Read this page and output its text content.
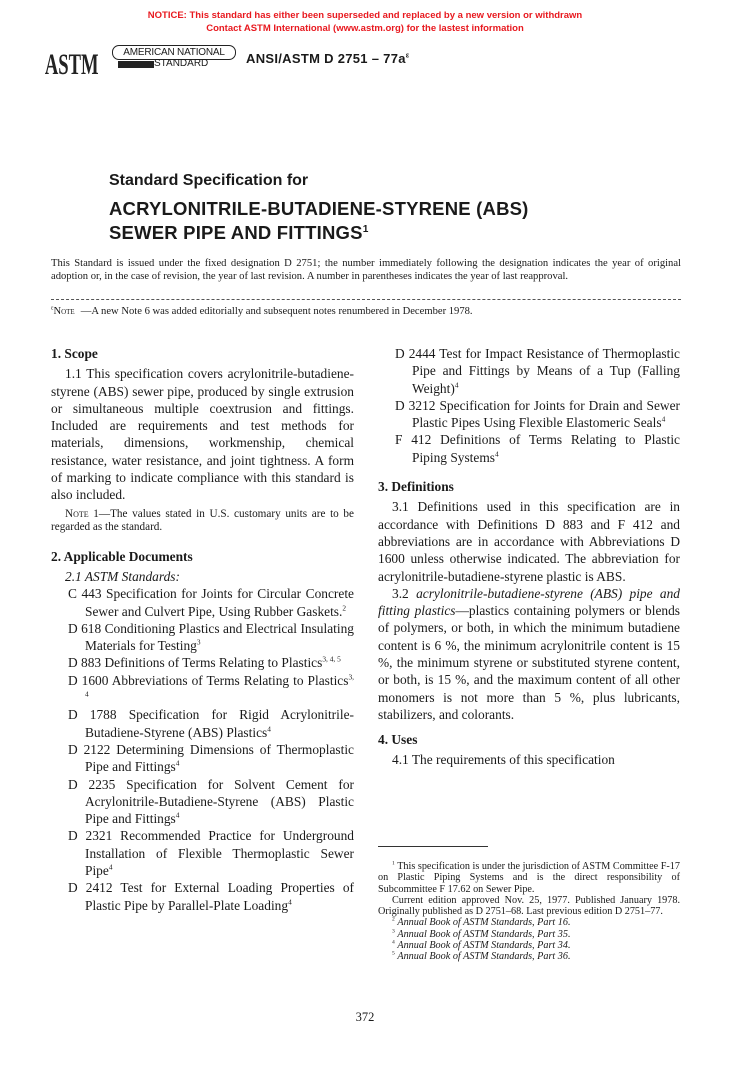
NOTICE: This standard has either been superseded and replaced by a new version or withdrawn
Contact ASTM International (www.astm.org) for the lastest information
ASTM	AMERICAN NATIONAL
STANDARD	ANSI/ASTM D $2751 - 77a^\varepsilon$
Standard Specification for
ACRYLONITRILE-BUTADIENE-STYRENE (ABS)
SEWER PIPE AND FITTINGS$^1$
This Standard is issued under the fixed designation D 2751; the number immediately following the designation indicates the year of original adoption or, in the case of revision, the year of last revision. A number in parentheses indicates the year of last reapproval.
$^\varepsilon$Note —A new Note 6 was added editorially and subsequent notes renumbered in December 1978.

1. Scope

1.1 This specification covers acrylonitrile-butadiene-styrene (ABS) sewer pipe, produced by single extrusion or simultaneous multiple coextrusion and fittings. Included are requirements and test methods for materials, dimensions, workmenship, chemical resistance, water resistance, and joint tightness. A form of marking to indicate compliance with this standard is also included.

Note 1—The values stated in U.S. customary units are to be regarded as the standard.

2. Applicable Documents

2.1 ASTM Standards:

C 443 Specification for Joints for Circular Concrete Sewer and Culvert Pipe, Using Rubber Gaskets.$^2$

D 618 Conditioning Plastics and Electrical Insulating Materials for Testing$^3$

D 883 Definitions of Terms Relating to Plastics$^{3, 4, 5}$

D 1600 Abbreviations of Terms Relating to Plastics$^{3, 4}$

D 1788 Specification for Rigid Acrylonitrile-Butadiene-Styrene (ABS) Plastics$^4$

D 2122 Determining Dimensions of Thermoplastic Pipe and Fittings$^4$

D 2235 Specification for Solvent Cement for Acrylonitrile-Butadiene-Styrene (ABS) Plastic Pipe and Fittings$^4$

D 2321 Recommended Practice for Underground Installation of Flexible Thermoplastic Sewer Pipe$^4$

D 2412 Test for External Loading Properties of Plastic Pipe by Parallel-Plate Loading$^4$

D 2444 Test for Impact Resistance of Thermoplastic Pipe and Fittings by Means of a Tup (Falling Weight)$^4$

D 3212 Specification for Joints for Drain and Sewer Plastic Pipes Using Flexible Elastomeric Seals$^4$

F 412 Definitions of Terms Relating to Plastic Piping Systems$^4$

3. Definitions

3.1 Definitions used in this specification are in accordance with Definitions D 883 and F 412 and abbreviations are in accordance with Abbreviations D 1600 unless otherwise indicated. The abbreviation for acrylonitrile-butadiene-styrene plastic is ABS.

3.2 acrylonitrile-butadiene-styrene (ABS) pipe and fitting plastics—plastics containing polymers or blends of polymers, or both, in which the minimum butadiene content is 6 %, the minimum acrylonitrile content is 15 %, the minimum styrene or substituted styrene content, or both, is 15 %, and the maximum content of all other monomers is not more than 5 %, plus lubricants, stabilizers, and colorants.

4. Uses

4.1 The requirements of this specification

$^1$ This specification is under the jurisdiction of ASTM Committee F-17 on Plastic Piping Systems and is the direct responsibility of Subcommittee F 17.62 on Sewer Pipe.

Current edition approved Nov. 25, 1977. Published January 1978. Originally published as D 2751–68. Last previous edition D 2751–77.

$^2$ Annual Book of ASTM Standards, Part 16.

$^3$ Annual Book of ASTM Standards, Part 35.

$^4$ Annual Book of ASTM Standards, Part 34.

$^5$ Annual Book of ASTM Standards, Part 36.

372
